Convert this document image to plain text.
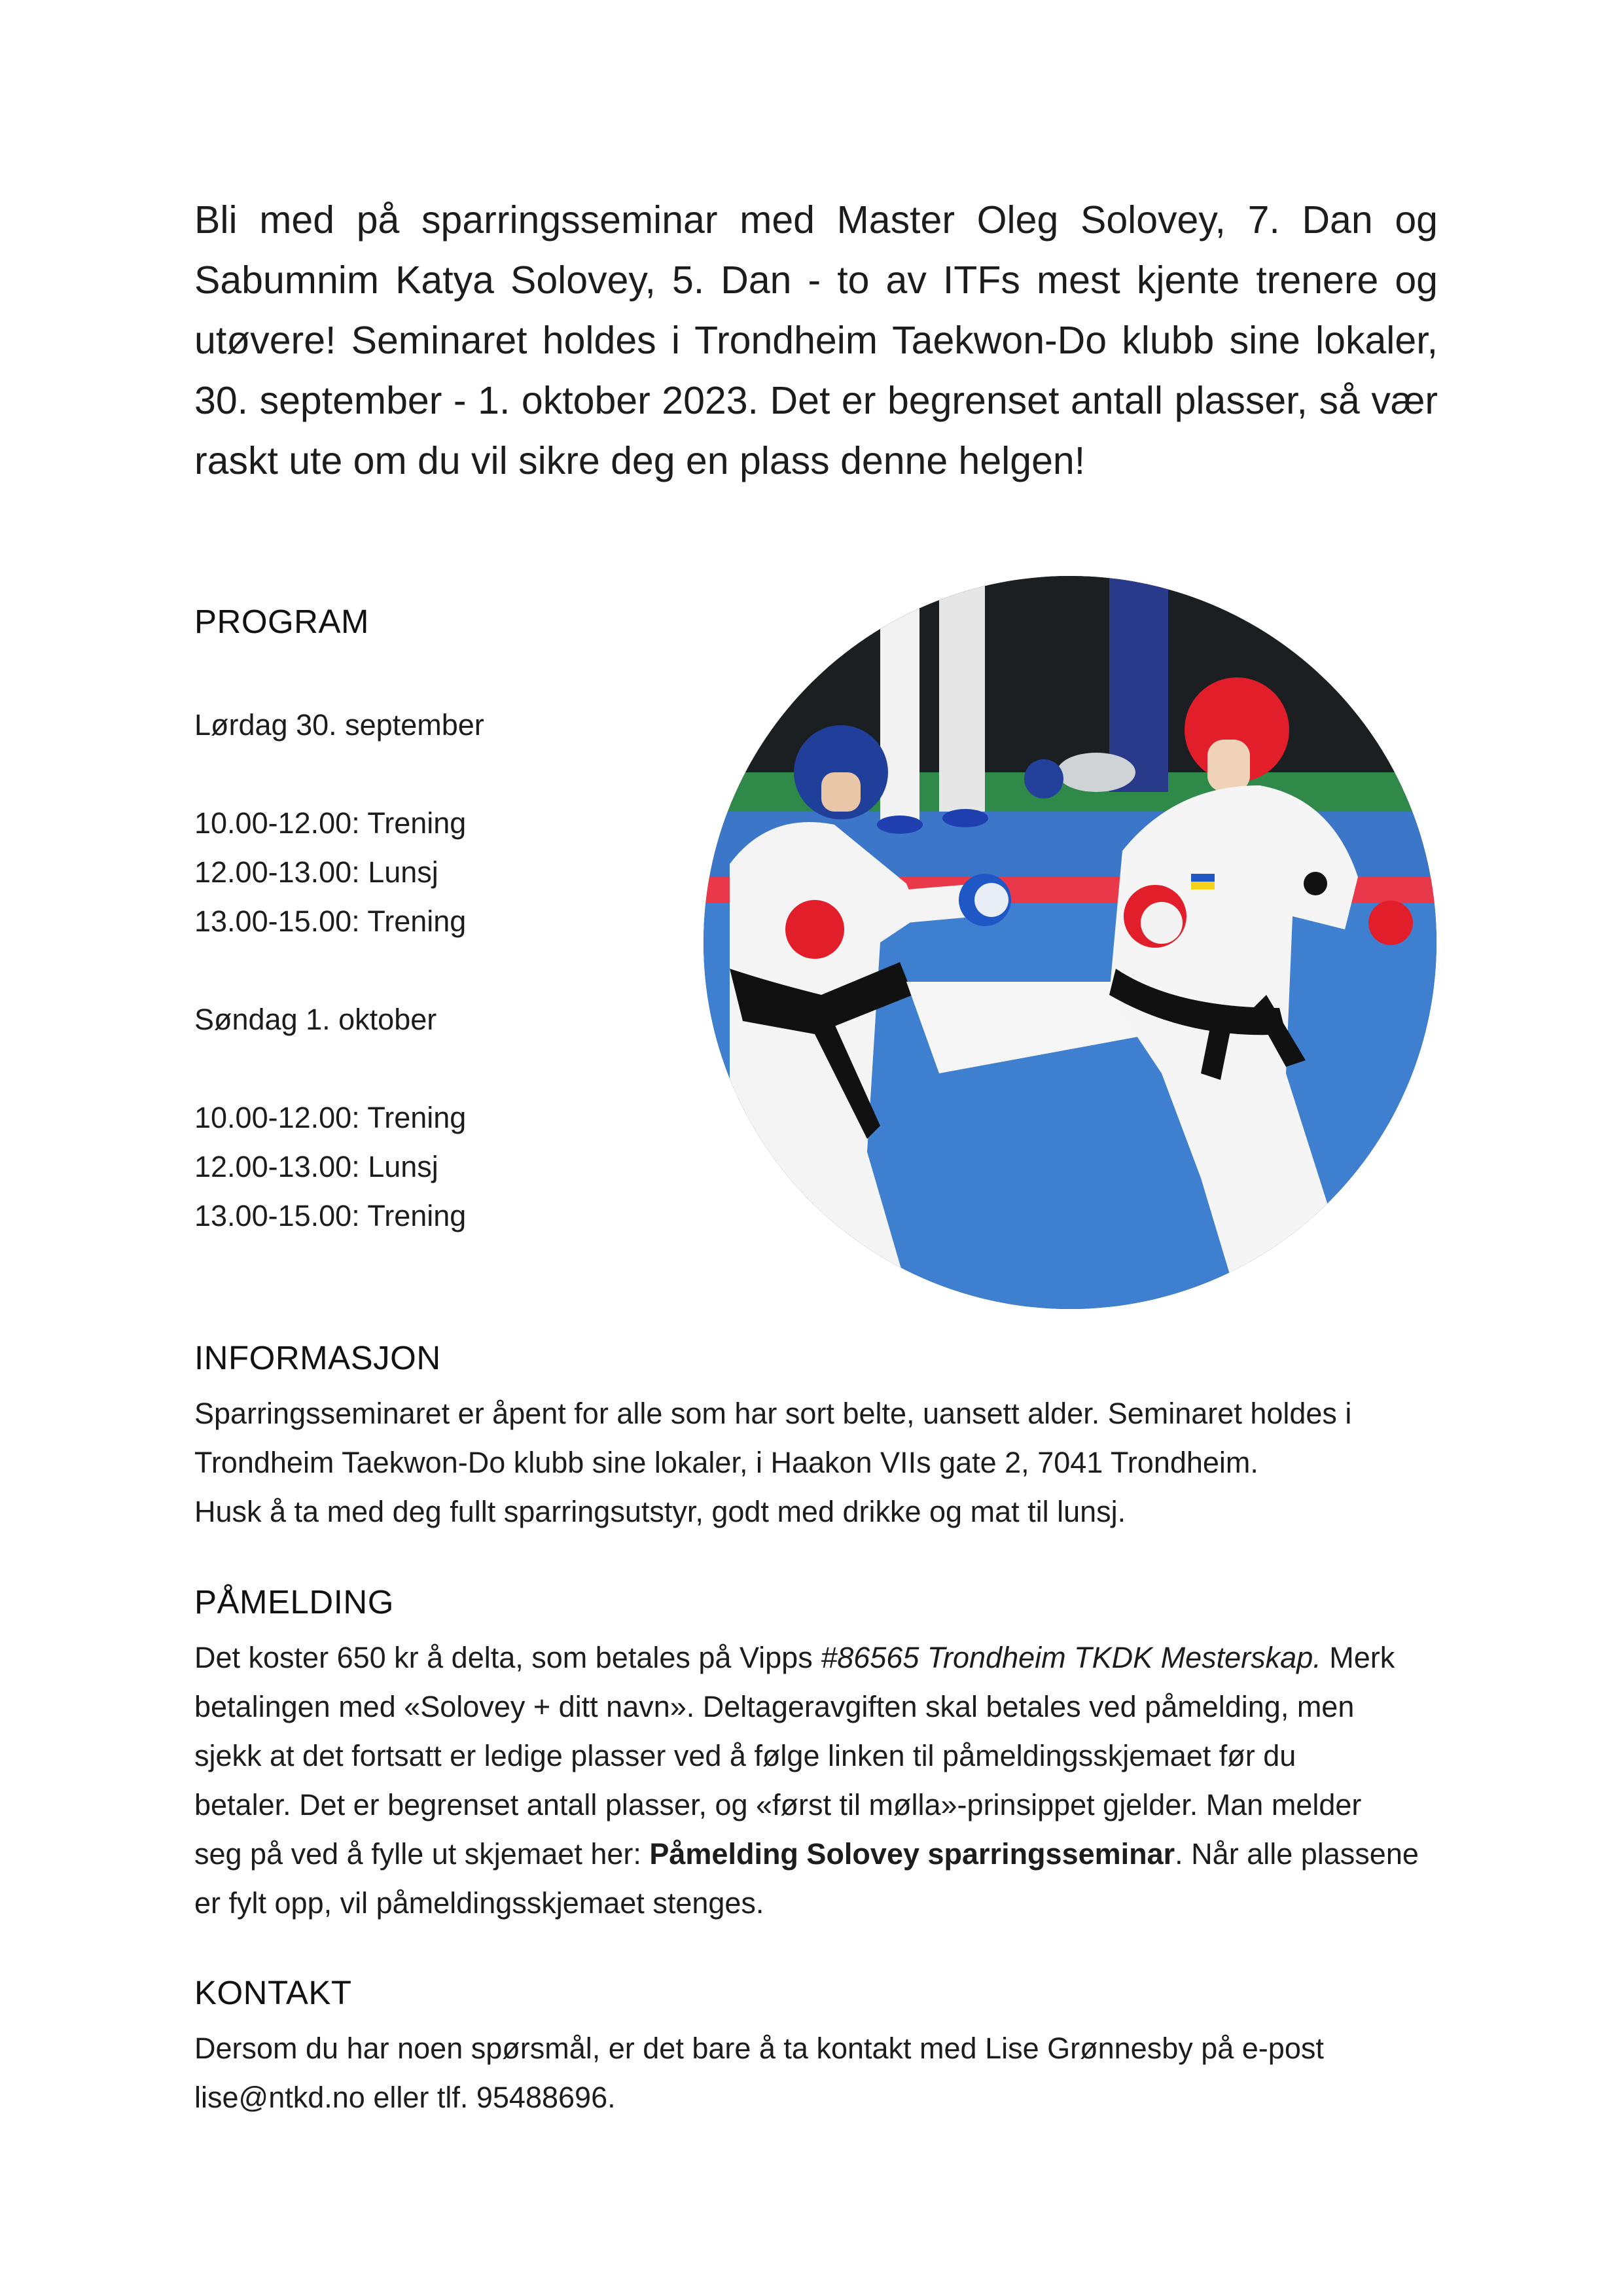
Bli med på sparringsseminar med Master Oleg Solovey, 7. Dan og Sabumnim Katya Solovey, 5. Dan - to av ITFs mest kjente trenere og utøvere! Seminaret holdes i Trondheim Taekwon-Do klubb sine lokaler, 30. september - 1. oktober 2023. Det er begrenset antall plasser, så vær raskt ute om du vil sikre deg en plass denne helgen!

PROGRAM
Lørdag 30. september
10.00-12.00: Trening
12.00-13.00: Lunsj
13.00-15.00: Trening
Søndag 1. oktober
10.00-12.00: Trening
12.00-13.00: Lunsj
13.00-15.00: Trening
INFORMASJON
Sparringsseminaret er åpent for alle som har sort belte, uansett alder. Seminaret holdes i
Trondheim Taekwon-Do klubb sine lokaler, i Haakon VIIs gate 2, 7041 Trondheim.
Husk å ta med deg fullt sparringsutstyr, godt med drikke og mat til lunsj.
PÅMELDING
Det koster 650 kr å delta, som betales på Vipps #86565 Trondheim TKDK Mesterskap. Merk
betalingen med «Solovey + ditt navn». Deltageravgiften skal betales ved påmelding, men
sjekk at det fortsatt er ledige plasser ved å følge linken til påmeldingsskjemaet før du
betaler. Det er begrenset antall plasser, og «først til mølla»-prinsippet gjelder. Man melder
seg på ved å fylle ut skjemaet her: Påmelding Solovey sparringsseminar. Når alle plassene
er fylt opp, vil påmeldingsskjemaet stenges.
KONTAKT
Dersom du har noen spørsmål, er det bare å ta kontakt med Lise Grønnesby på e-post
lise@ntkd.no eller tlf. 95488696.
